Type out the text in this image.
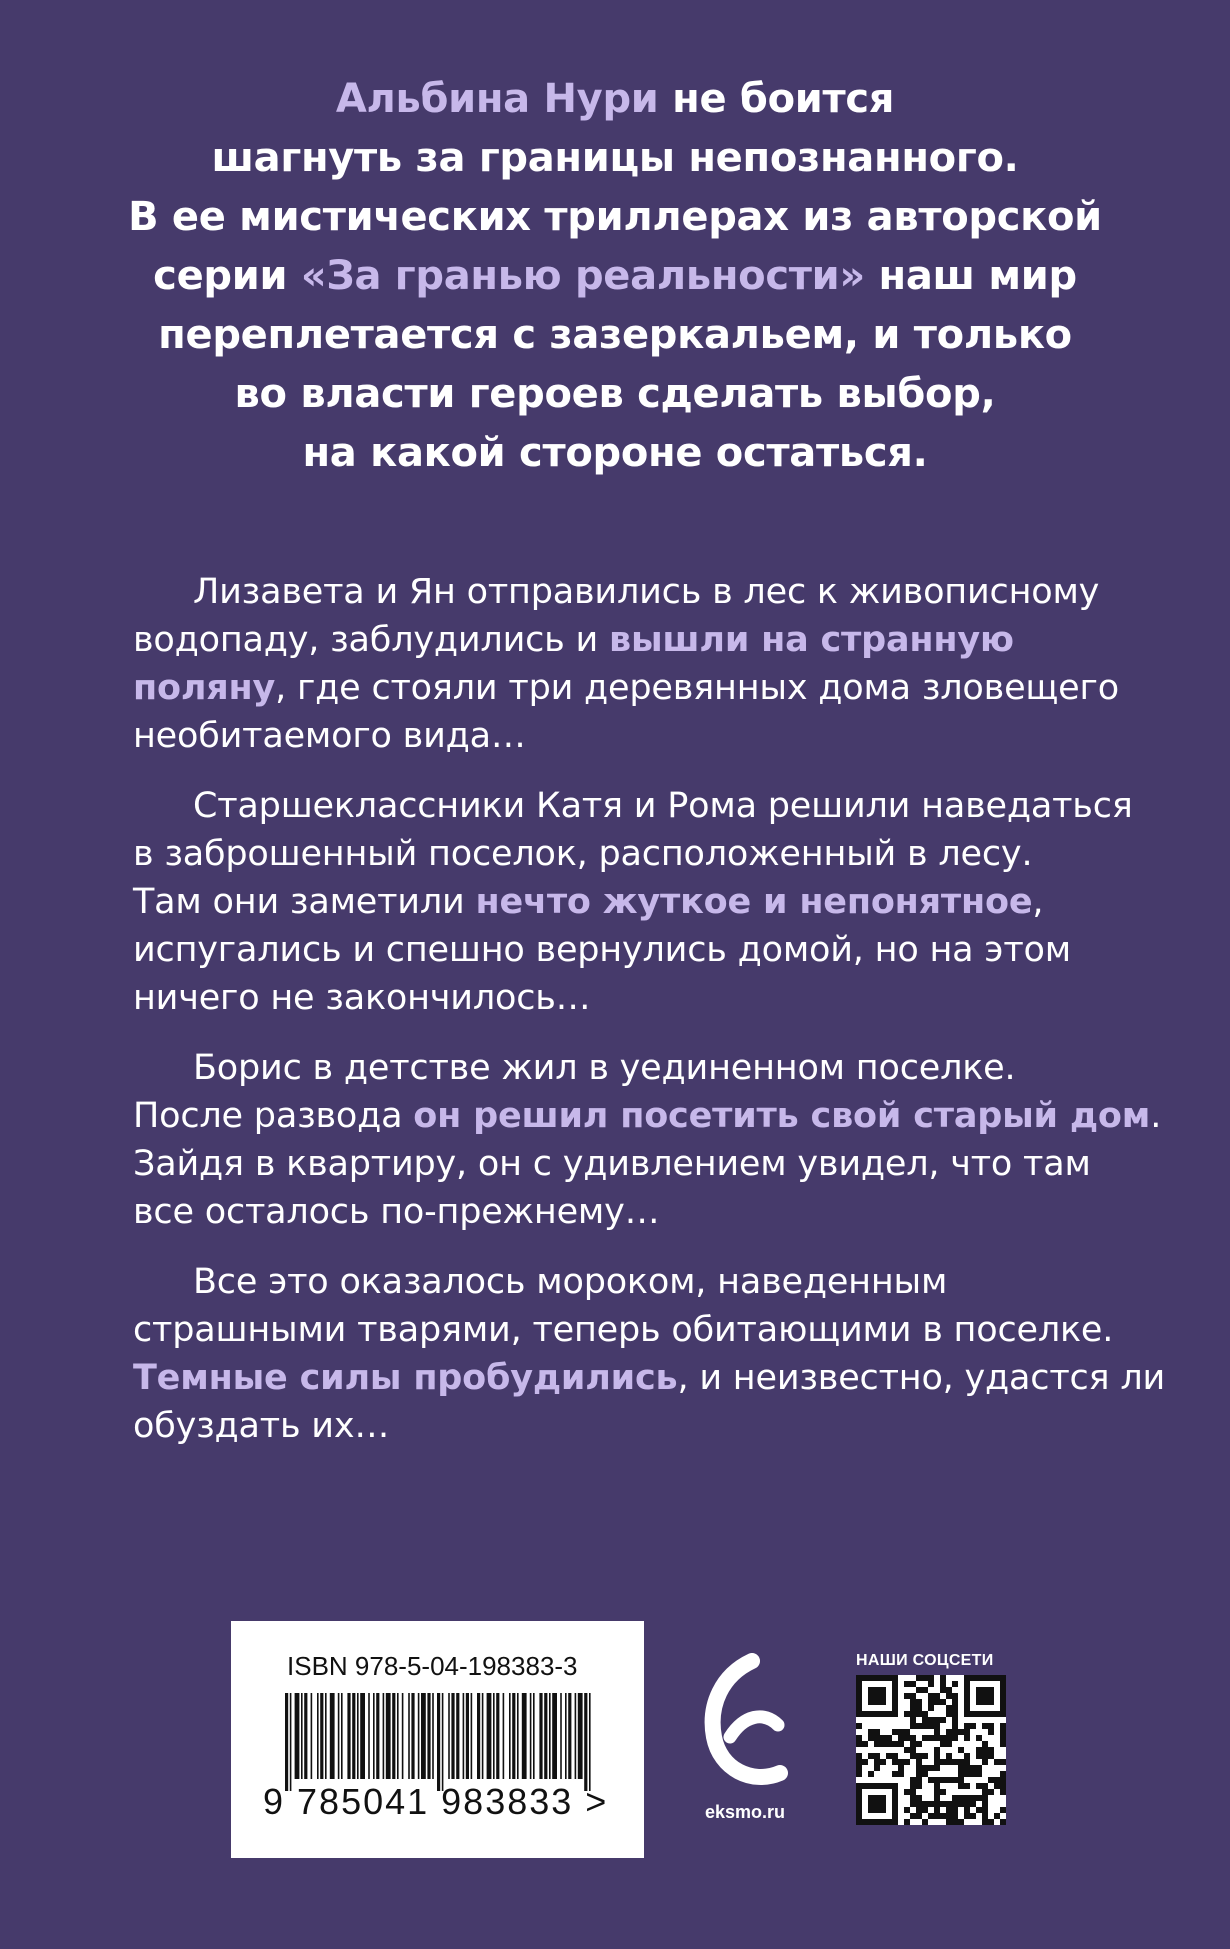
Альбина Нури не боится
шагнуть за границы непознанного.
В ее мистических триллерах из авторской
серии «За гранью реальности» наш мир
переплетается с зазеркальем, и только
во власти героев сделать выбор,
на какой стороне остаться.
Лизавета и Ян отправились в лес к живописному
водопаду, заблудились и вышли на странную
поляну, где стояли три деревянных дома зловещего
необитаемого вида…
Старшеклассники Катя и Рома решили наведаться
в заброшенный поселок, расположенный в лесу.
Там они заметили нечто жуткое и непонятное,
испугались и спешно вернулись домой, но на этом
ничего не закончилось…
Борис в детстве жил в уединенном поселке.
После развода он решил посетить свой старый дом.
Зайдя в квартиру, он с удивлением увидел, что там
все осталось по-прежнему…
Все это оказалось мороком, наведенным
страшными тварями, теперь обитающими в поселке.
Темные силы пробудились, и неизвестно, удастся ли
обуздать их…
ISBN 978-5-04-198383-3
9 785041 983833 >	eksmo.ru
НАШИ СОЦСЕТИ
